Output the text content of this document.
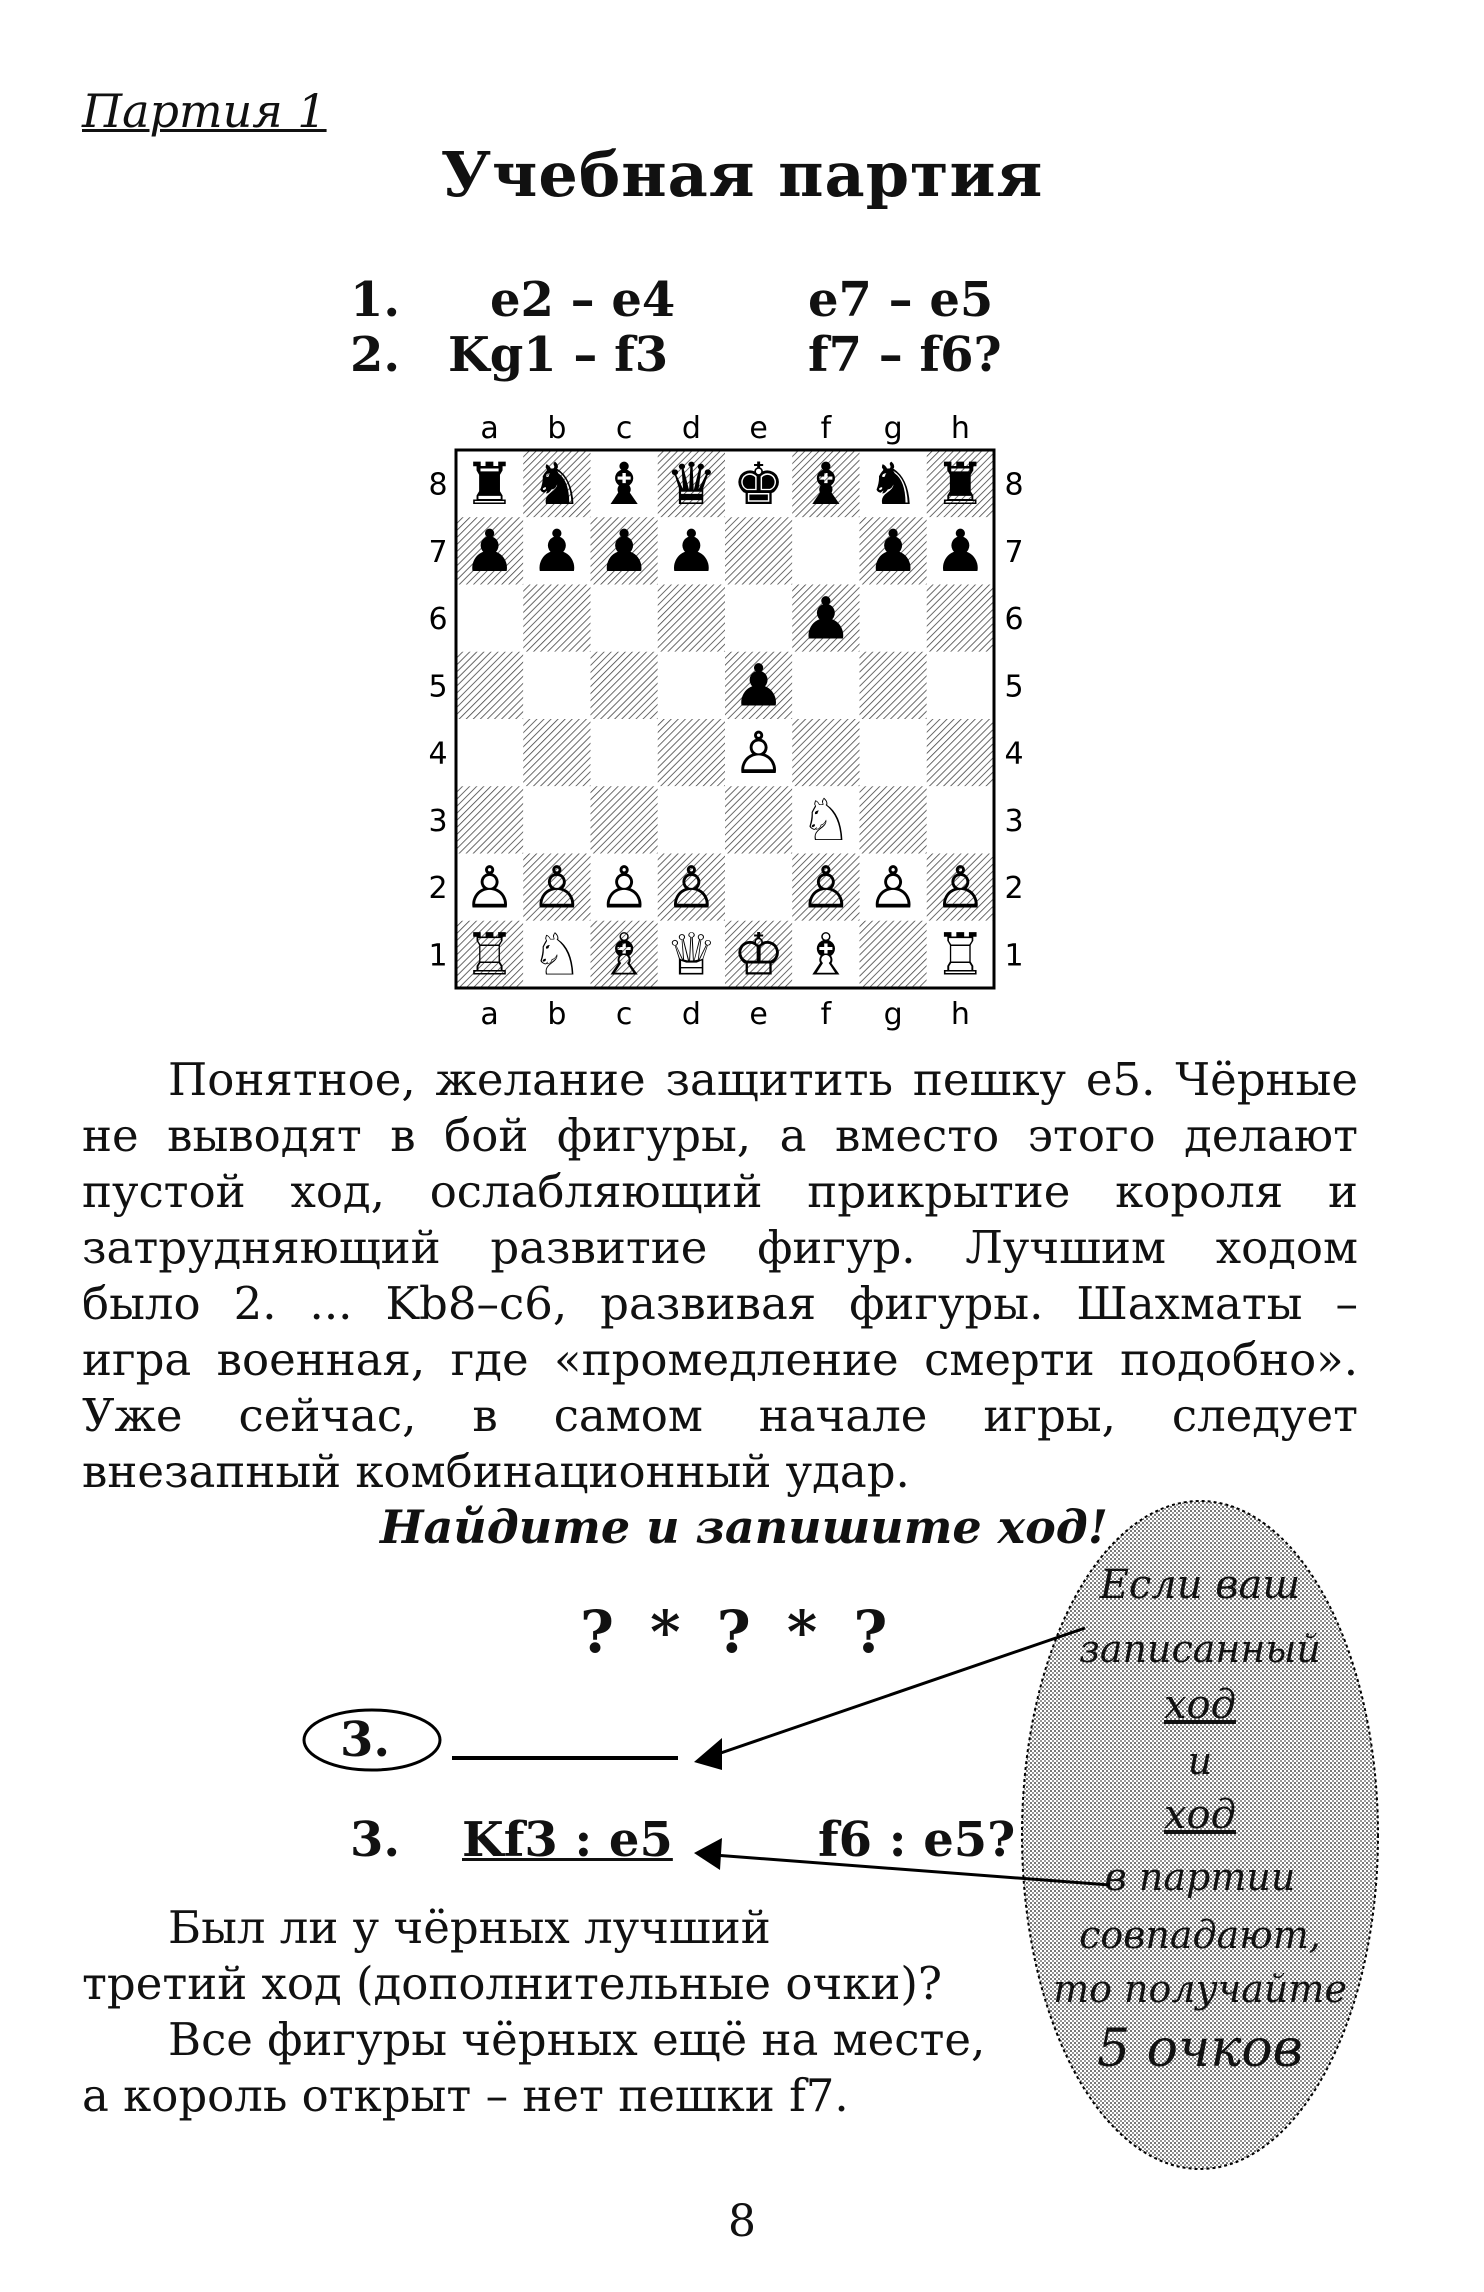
Партия 1
Учебная партия
1. e2 – e4	e7 – e5
2. Kg1 – f3	f7 – f6?
a b c d e f g h
a b c d e f g h
8
7
6
5
4
3
2
1
8
7
6
5
4
3
2
1
♜ ♞ ♝ ♛ ♚ ♝ ♞ ♜
♟ ♟ ♟ ♟	♟ ♟
♟
♟
♙
♘
♙ ♙ ♙ ♙ ♙ ♙ ♙
♖ ♘ ♗ ♕ ♔ ♗ ♖
Понятное, желание защитить пешку e5. Чёрные
не выводят в бой фигуры, а вместо этого делают
пустой ход, ослабляющий прикрытие короля и
затрудняющий развитие фигур. Лучшим ходом
было 2. ... Kb8–c6, развивая фигуры. Шахматы –
игра военная, где «промедление смерти подобно».
Уже сейчас, в самом начале игры, следует
внезапный комбинационный удар.
Найдите и запишите ход!
Если ваш
записанный
ход
и
ход
в партии
совпадают,
то получайте
5 очков
? * ? * ?
3.
3. Kf3 : e5	f6 : e5?
Был ли у чёрных лучший
третий ход (дополнительные очки)?
Все фигуры чёрных ещё на месте,
а король открыт – нет пешки f7.
8
